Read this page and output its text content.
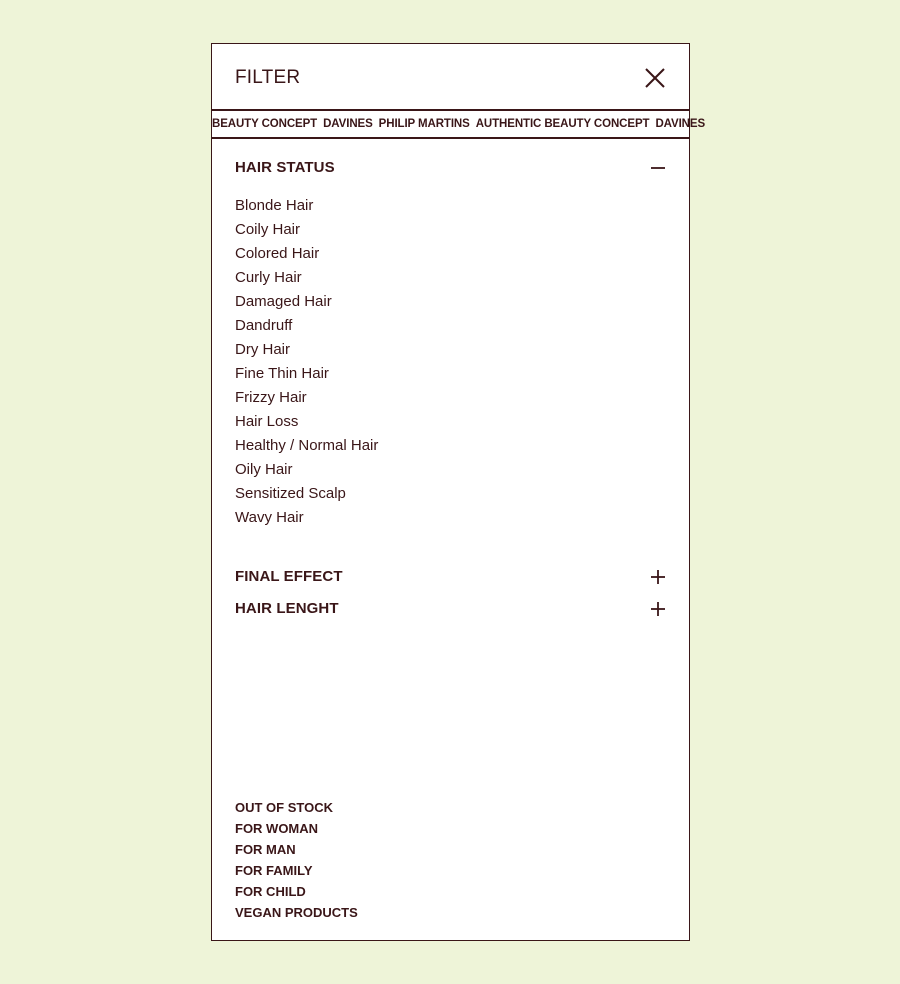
FILTER
BEAUTY CONCEPT DAVINES PHILIP MARTINS AUTHENTIC BEAUTY CONCEPT DAVINES
HAIR STATUS
Blonde Hair
Coily Hair
Colored Hair
Curly Hair
Damaged Hair
Dandruff
Dry Hair
Fine Thin Hair
Frizzy Hair
Hair Loss
Healthy / Normal Hair
Oily Hair
Sensitized Scalp
Wavy Hair
FINAL EFFECT
HAIR LENGHT
OUT OF STOCK
FOR WOMAN
FOR MAN
FOR FAMILY
FOR CHILD
VEGAN PRODUCTS
